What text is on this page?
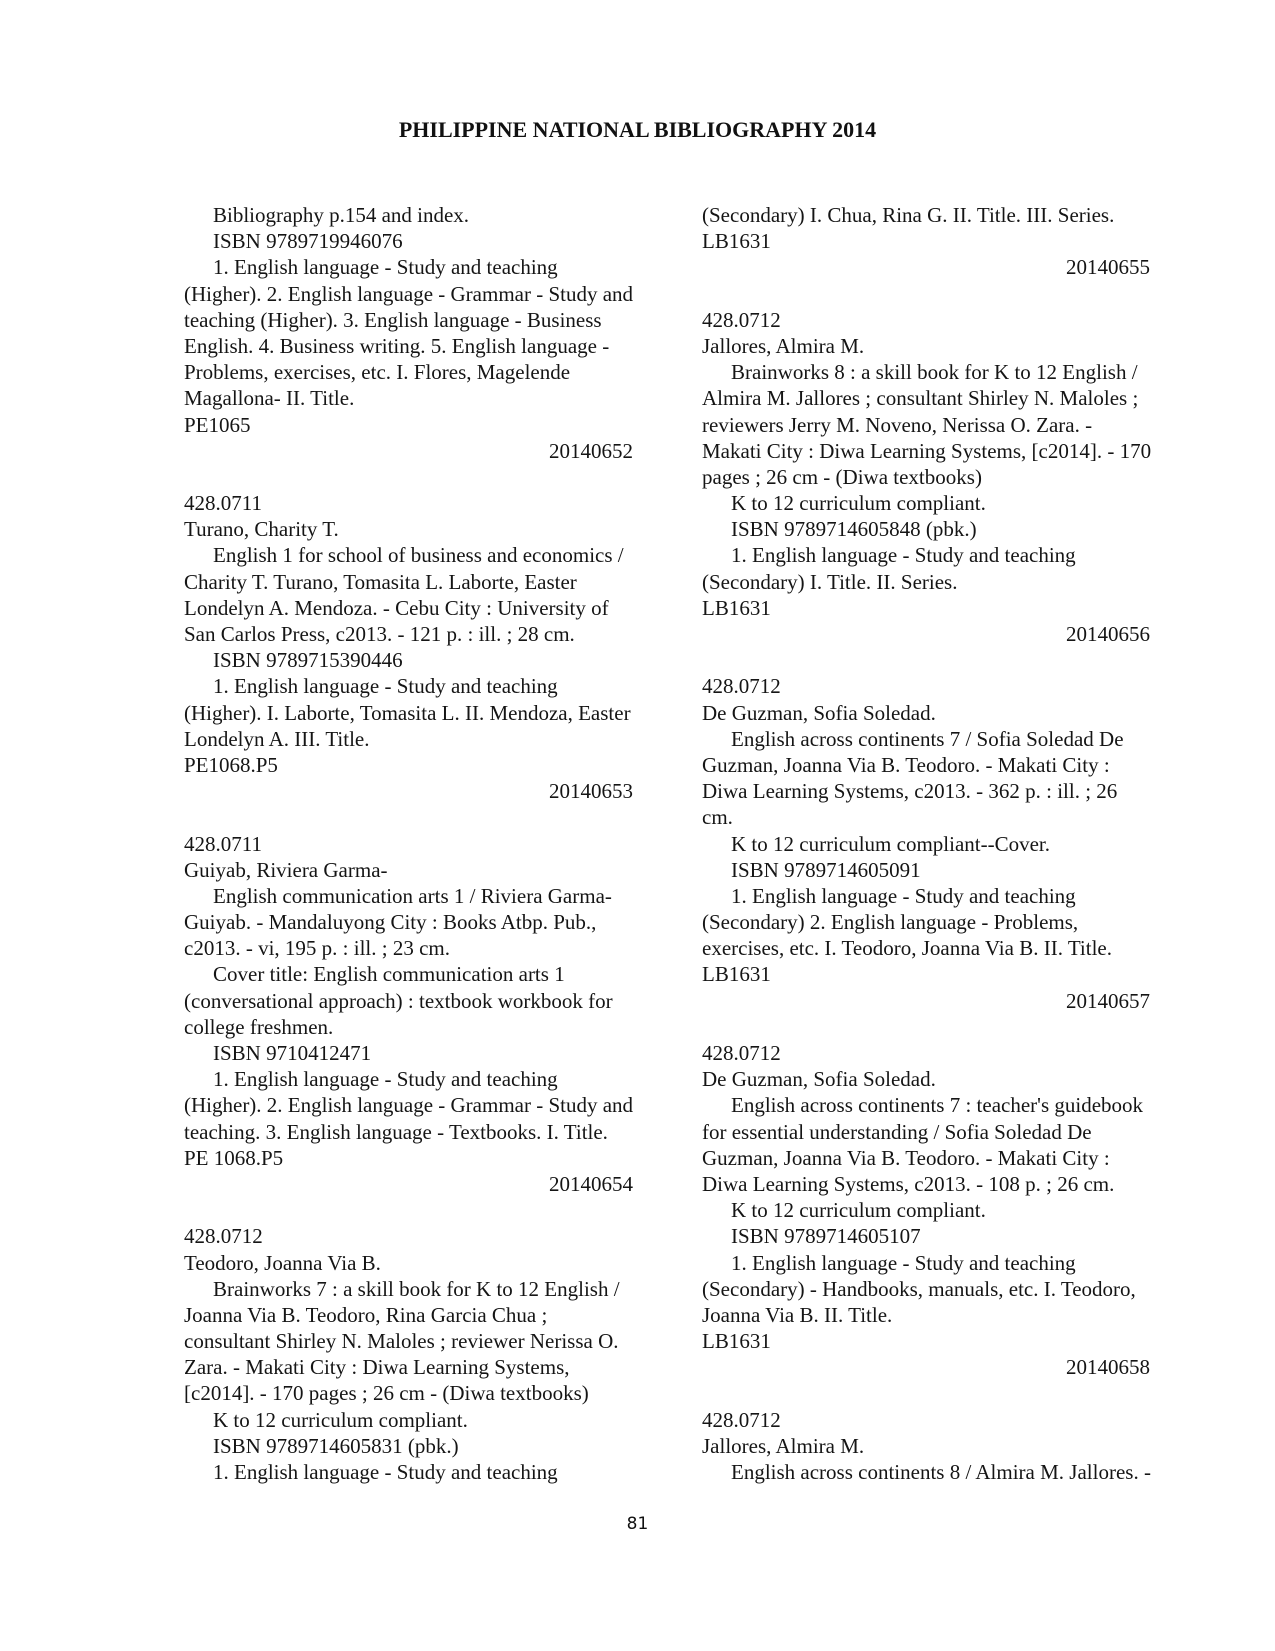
PHILIPPINE NATIONAL BIBLIOGRAPHY 2014
Bibliography p.154 and index.
ISBN 9789719946076
1. English language - Study and teaching
(Higher). 2. English language - Grammar - Study and
teaching (Higher). 3. English language - Business
English. 4. Business writing. 5. English language -
Problems, exercises, etc. I. Flores, Magelende
Magallona- II. Title.
PE1065
20140652
428.0711
Turano, Charity T.
English 1 for school of business and economics /
Charity T. Turano, Tomasita L. Laborte, Easter
Londelyn A. Mendoza. - Cebu City : University of
San Carlos Press, c2013. - 121 p. : ill. ; 28 cm.
ISBN 9789715390446
1. English language - Study and teaching
(Higher). I. Laborte, Tomasita L. II. Mendoza, Easter
Londelyn A. III. Title.
PE1068.P5
20140653
428.0711
Guiyab, Riviera Garma-
English communication arts 1 / Riviera Garma-
Guiyab. - Mandaluyong City : Books Atbp. Pub.,
c2013. - vi, 195 p. : ill. ; 23 cm.
Cover title: English communication arts 1
(conversational approach) : textbook workbook for
college freshmen.
ISBN 9710412471
1. English language - Study and teaching
(Higher). 2. English language - Grammar - Study and
teaching. 3. English language - Textbooks. I. Title.
PE 1068.P5
20140654
428.0712
Teodoro, Joanna Via B.
Brainworks 7 : a skill book for K to 12 English /
Joanna Via B. Teodoro, Rina Garcia Chua ;
consultant Shirley N. Maloles ; reviewer Nerissa O.
Zara. - Makati City : Diwa Learning Systems,
[c2014]. - 170 pages ; 26 cm - (Diwa textbooks)
K to 12 curriculum compliant.
ISBN 9789714605831 (pbk.)
1. English language - Study and teaching
(Secondary) I. Chua, Rina G. II. Title. III. Series.
LB1631
20140655
428.0712
Jallores, Almira M.
Brainworks 8 : a skill book for K to 12 English /
Almira M. Jallores ; consultant Shirley N. Maloles ;
reviewers Jerry M. Noveno, Nerissa O. Zara. -
Makati City : Diwa Learning Systems, [c2014]. - 170
pages ; 26 cm - (Diwa textbooks)
K to 12 curriculum compliant.
ISBN 9789714605848 (pbk.)
1. English language - Study and teaching
(Secondary) I. Title. II. Series.
LB1631
20140656
428.0712
De Guzman, Sofia Soledad.
English across continents 7 / Sofia Soledad De
Guzman, Joanna Via B. Teodoro. - Makati City :
Diwa Learning Systems, c2013. - 362 p. : ill. ; 26
cm.
K to 12 curriculum compliant--Cover.
ISBN 9789714605091
1. English language - Study and teaching
(Secondary) 2. English language - Problems,
exercises, etc. I. Teodoro, Joanna Via B. II. Title.
LB1631
20140657
428.0712
De Guzman, Sofia Soledad.
English across continents 7 : teacher's guidebook
for essential understanding / Sofia Soledad De
Guzman, Joanna Via B. Teodoro. - Makati City :
Diwa Learning Systems, c2013. - 108 p. ; 26 cm.
K to 12 curriculum compliant.
ISBN 9789714605107
1. English language - Study and teaching
(Secondary) - Handbooks, manuals, etc. I. Teodoro,
Joanna Via B. II. Title.
LB1631
20140658
428.0712
Jallores, Almira M.
English across continents 8 / Almira M. Jallores. -
81
